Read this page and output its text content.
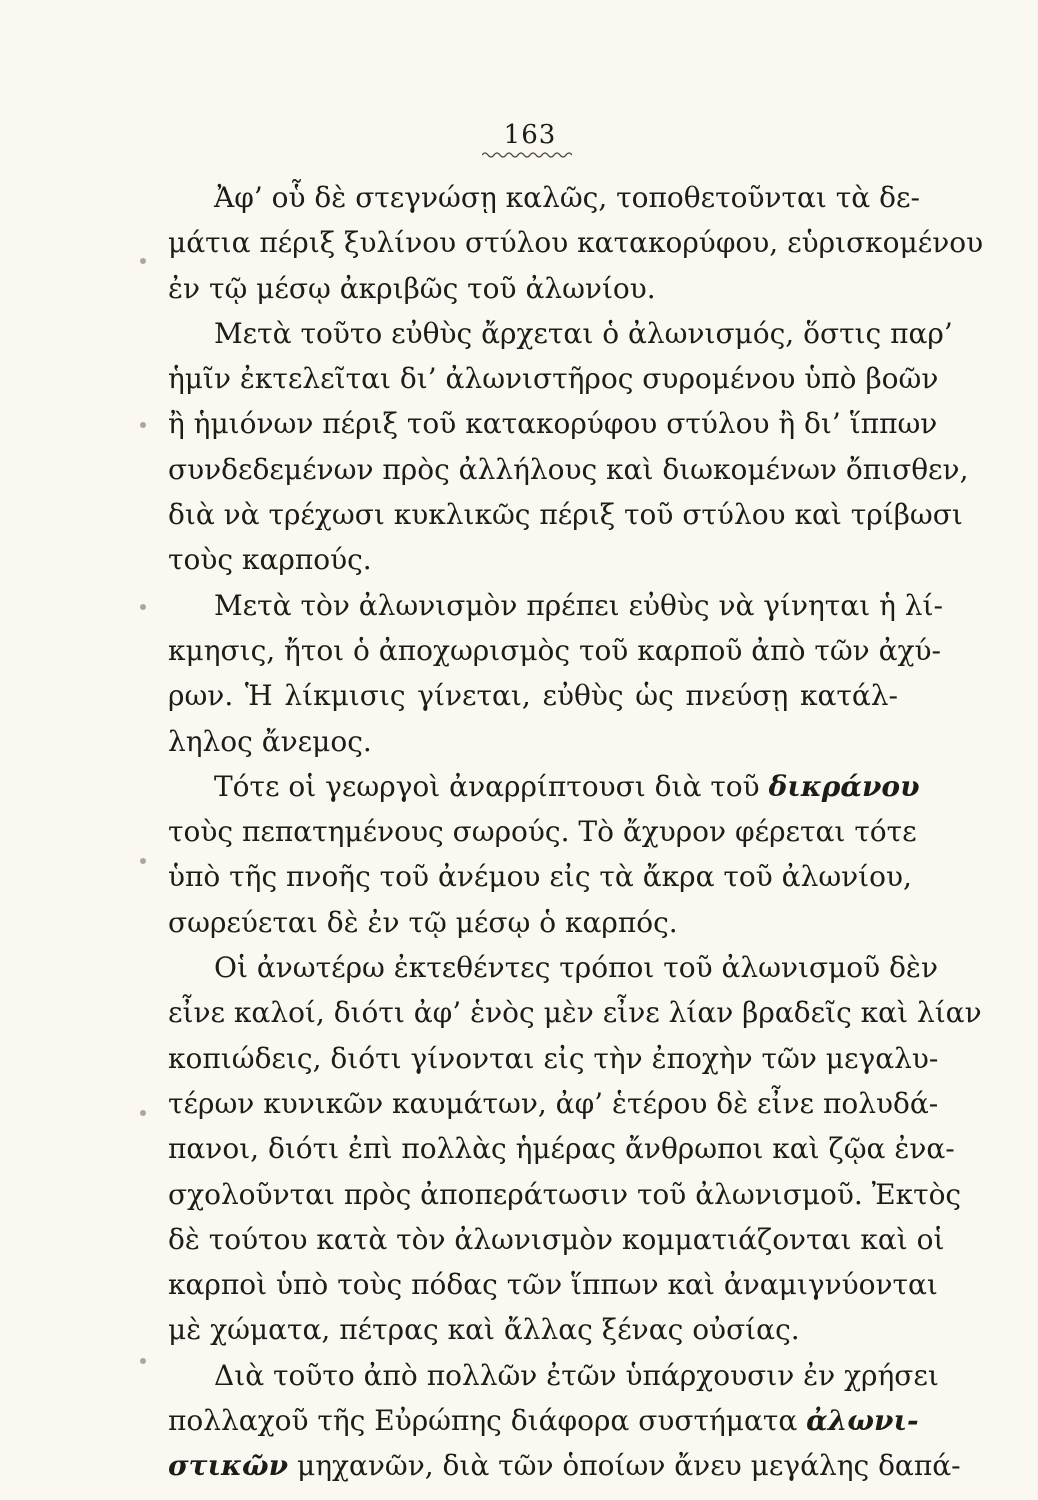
163
Ἀφ’ οὗ δὲ στεγνώσῃ καλῶς, τοποθετοῦνται τὰ δε-
μάτια πέριξ ξυλίνου στύλου κατακορύφου, εὑρισκομένου
ἐν τῷ μέσῳ ἀκριβῶς τοῦ ἀλωνίου.
Μετὰ τοῦτο εὐθὺς ἄρχεται ὁ ἀλωνισμός, ὅστις παρ’
ἡμῖν ἐκτελεῖται δι’ ἀλωνιστῆρος συρομένου ὑπὸ βοῶν
ἢ ἡμιόνων πέριξ τοῦ κατακορύφου στύλου ἢ δι’ ἵππων
συνδεδεμένων πρὸς ἀλλήλους καὶ διωκομένων ὄπισθεν,
διὰ νὰ τρέχωσι κυκλικῶς πέριξ τοῦ στύλου καὶ τρίβωσι
τοὺς καρπούς.
Μετὰ τὸν ἀλωνισμὸν πρέπει εὐθὺς νὰ γίνηται ἡ λί-
κμησις, ἤτοι ὁ ἀποχωρισμὸς τοῦ καρποῦ ἀπὸ τῶν ἀχύ-
ρων. Ἡ λίκμισις γίνεται, εὐθὺς ὡς πνεύσῃ κατάλ-
ληλος ἄνεμος.
Τότε οἱ γεωργοὶ ἀναρρίπτουσι διὰ τοῦ δικράνου
τοὺς πεπατημένους σωρούς. Τὸ ἄχυρον φέρεται τότε
ὑπὸ τῆς πνοῆς τοῦ ἀνέμου εἰς τὰ ἄκρα τοῦ ἀλωνίου,
σωρεύεται δὲ ἐν τῷ μέσῳ ὁ καρπός.
Οἱ ἀνωτέρω ἐκτεθέντες τρόποι τοῦ ἀλωνισμοῦ δὲν
εἶνε καλοί, διότι ἀφ’ ἑνὸς μὲν εἶνε λίαν βραδεῖς καὶ λίαν
κοπιώδεις, διότι γίνονται εἰς τὴν ἐποχὴν τῶν μεγαλυ-
τέρων κυνικῶν καυμάτων, ἀφ’ ἑτέρου δὲ εἶνε πολυδά-
πανοι, διότι ἐπὶ πολλὰς ἡμέρας ἄνθρωποι καὶ ζῷα ἐνα-
σχολοῦνται πρὸς ἀποπεράτωσιν τοῦ ἀλωνισμοῦ. Ἐκτὸς
δὲ τούτου κατὰ τὸν ἀλωνισμὸν κομματιάζονται καὶ οἱ
καρποὶ ὑπὸ τοὺς πόδας τῶν ἵππων καὶ ἀναμιγνύονται
μὲ χώματα, πέτρας καὶ ἄλλας ξένας οὐσίας.
Διὰ τοῦτο ἀπὸ πολλῶν ἐτῶν ὑπάρχουσιν ἐν χρήσει
πολλαχοῦ τῆς Εὐρώπης διάφορα συστήματα ἀλωνι-
στικῶν μηχανῶν, διὰ τῶν ὁποίων ἄνευ μεγάλης δαπά-
